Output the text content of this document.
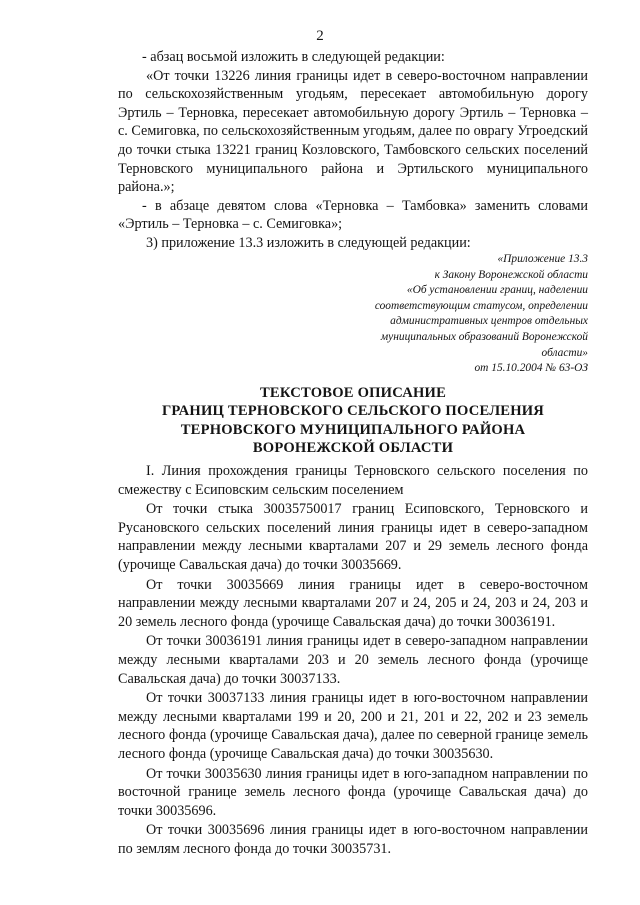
2

- абзац восьмой изложить в следующей редакции:

«От точки 13226 линия границы идет в северо-восточном направлении по сельскохозяйственным угодьям, пересекает автомобильную дорогу Эртиль – Терновка, пересекает автомобильную дорогу Эртиль – Терновка – с. Семиговка, по сельскохозяйственным угодьям, далее по оврагу Угроедский до точки стыка 13221 границ Козловского, Тамбовского сельских поселений Терновского муниципального района и Эртильского муниципального района.»;

- в абзаце девятом слова «Терновка – Тамбовка» заменить словами «Эртиль – Терновка – с. Семиговка»;

3) приложение 13.3 изложить в следующей редакции:

«Приложение 13.3
к Закону Воронежской области
«Об установлении границ, наделении
соответствующим статусом, определении
административных центров отдельных
муниципальных образований Воронежской
области»
от 15.10.2004 № 63-ОЗ
ТЕКСТОВОЕ ОПИСАНИЕ
ГРАНИЦ ТЕРНОВСКОГО СЕЛЬСКОГО ПОСЕЛЕНИЯ
ТЕРНОВСКОГО МУНИЦИПАЛЬНОГО РАЙОНА
ВОРОНЕЖСКОЙ ОБЛАСТИ

I. Линия прохождения границы Терновского сельского поселения по смежеству с Есиповским сельским поселением

От точки стыка 30035750017 границ Есиповского, Терновского и Русановского сельских поселений линия границы идет в северо-западном направлении между лесными кварталами 207 и 29 земель лесного фонда (урочище Савальская дача) до точки 30035669.

От точки 30035669 линия границы идет в северо-восточном направлении между лесными кварталами 207 и 24, 205 и 24, 203 и 24, 203 и 20 земель лесного фонда (урочище Савальская дача) до точки 30036191.

От точки 30036191 линия границы идет в северо-западном направлении между лесными кварталами 203 и 20 земель лесного фонда (урочище Савальская дача) до точки 30037133.

От точки 30037133 линия границы идет в юго-восточном направлении между лесными кварталами 199 и 20, 200 и 21, 201 и 22, 202 и 23 земель лесного фонда (урочище Савальская дача), далее по северной границе земель лесного фонда (урочище Савальская дача) до точки 30035630.

От точки 30035630 линия границы идет в юго-западном направлении по восточной границе земель лесного фонда (урочище Савальская дача) до точки 30035696.

От точки 30035696 линия границы идет в юго-восточном направлении по землям лесного фонда до точки 30035731.
